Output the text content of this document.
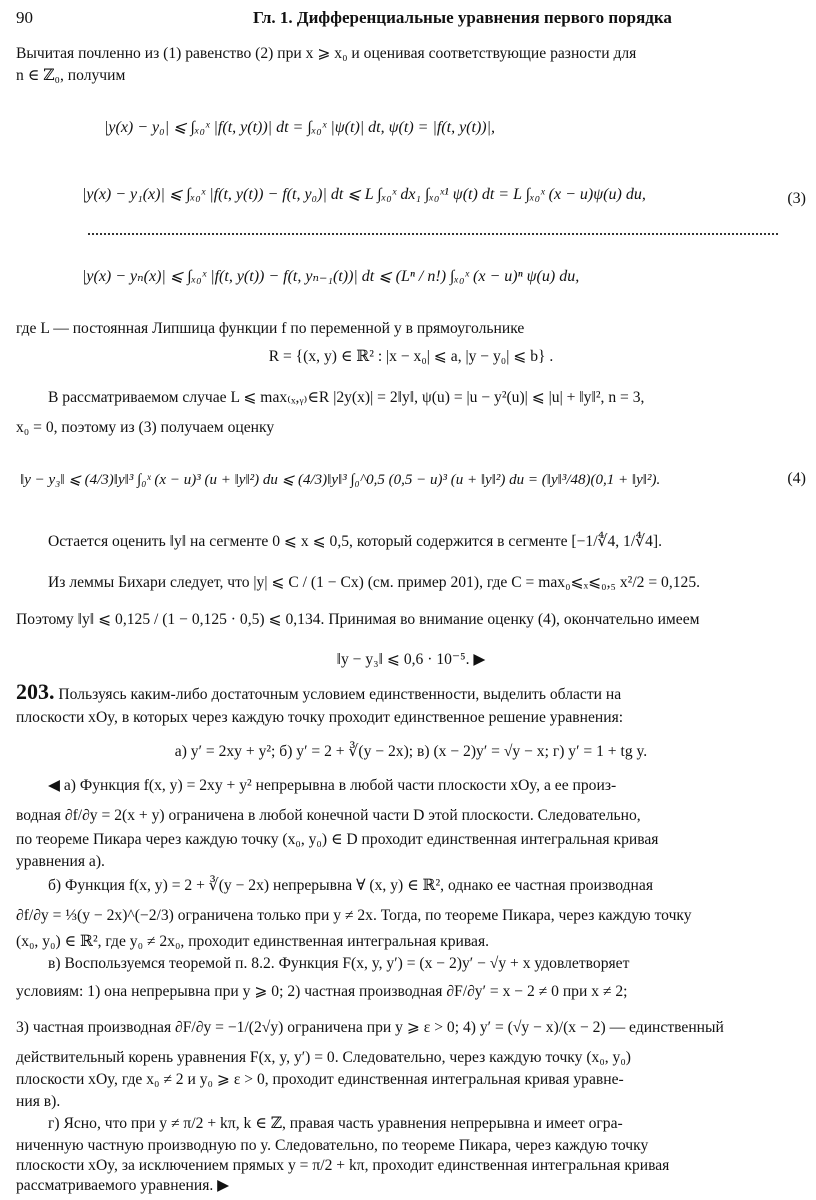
90	Гл. 1. Дифференциальные уравнения первого порядка
Вычитая почленно из (1) равенство (2) при x ⩾ x₀ и оценивая соответствующие разности для
n ∈ ℤ₀, получим
|y(x) − y₀| ⩽ ∫ₓ₀ˣ |f(t, y(t))| dt = ∫ₓ₀ˣ |ψ(t)| dt, ψ(t) = |f(t, y(t))|,
|y(x) − y₁(x)| ⩽ ∫ₓ₀ˣ |f(t, y(t)) − f(t, y₀)| dt ⩽ L ∫ₓ₀ˣ dx₁ ∫ₓ₀ˣ¹ ψ(t) dt = L ∫ₓ₀ˣ (x − u)ψ(u) du,	(3)
|y(x) − yₙ(x)| ⩽ ∫ₓ₀ˣ |f(t, y(t)) − f(t, yₙ₋₁(t))| dt ⩽ (Lⁿ / n!) ∫ₓ₀ˣ (x − u)ⁿ ψ(u) du,
где L — постоянная Липшица функции f по переменной y в прямоугольнике
R = {(x, y) ∈ ℝ² : |x − x₀| ⩽ a, |y − y₀| ⩽ b} .
В рассматриваемом случае L ⩽ max₍ₓ,ᵧ₎∈R |2y(x)| = 2‖y‖, ψ(u) = |u − y²(u)| ⩽ |u| + ‖y‖², n = 3,
x₀ = 0, поэтому из (3) получаем оценку
‖y − y₃‖ ⩽ (4/3)‖y‖³ ∫₀ˣ (x − u)³ (u + ‖y‖²) du ⩽ (4/3)‖y‖³ ∫₀^0,5 (0,5 − u)³ (u + ‖y‖²) du = (‖y‖³/48)(0,1 + ‖y‖²).	(4)
Остается оценить ‖y‖ на сегменте 0 ⩽ x ⩽ 0,5, который содержится в сегменте [−1/∜4, 1/∜4].
Из леммы Бихари следует, что |y| ⩽ C / (1 − Cx) (см. пример 201), где C = max₀⩽ₓ⩽₀,₅ x²/2 = 0,125.
Поэтому ‖y‖ ⩽ 0,125 / (1 − 0,125 · 0,5) ⩽ 0,134. Принимая во внимание оценку (4), окончательно имеем
‖y − y₃‖ ⩽ 0,6 · 10⁻⁵. ▶
203. Пользуясь каким-либо достаточным условием единственности, выделить области на
плоскости xOy, в которых через каждую точку проходит единственное решение уравнения:
а) y′ = 2xy + y²; б) y′ = 2 + ∛(y − 2x); в) (x − 2)y′ = √y − x; г) y′ = 1 + tg y.
◀ а) Функция f(x, y) = 2xy + y² непрерывна в любой части плоскости xOy, а ее произ-
водная ∂f/∂y = 2(x + y) ограничена в любой конечной части D этой плоскости. Следовательно,
по теореме Пикара через каждую точку (x₀, y₀) ∈ D проходит единственная интегральная кривая
уравнения а).
б) Функция f(x, y) = 2 + ∛(y − 2x) непрерывна ∀ (x, y) ∈ ℝ², однако ее частная производная
∂f/∂y = ⅓(y − 2x)^(−2/3) ограничена только при y ≠ 2x. Тогда, по теореме Пикара, через каждую точку
(x₀, y₀) ∈ ℝ², где y₀ ≠ 2x₀, проходит единственная интегральная кривая.
в) Воспользуемся теоремой п. 8.2. Функция F(x, y, y′) = (x − 2)y′ − √y + x удовлетворяет
условиям: 1) она непрерывна при y ⩾ 0; 2) частная производная ∂F/∂y′ = x − 2 ≠ 0 при x ≠ 2;
3) частная производная ∂F/∂y = −1/(2√y) ограничена при y ⩾ ε > 0; 4) y′ = (√y − x)/(x − 2) — единственный
действительный корень уравнения F(x, y, y′) = 0. Следовательно, через каждую точку (x₀, y₀)
плоскости xOy, где x₀ ≠ 2 и y₀ ⩾ ε > 0, проходит единственная интегральная кривая уравне-
ния в).
г) Ясно, что при y ≠ π/2 + kπ, k ∈ ℤ, правая часть уравнения непрерывна и имеет огра-
ниченную частную производную по y. Следовательно, по теореме Пикара, через каждую точку
плоскости xOy, за исключением прямых y = π/2 + kπ, проходит единственная интегральная кривая
рассматриваемого уравнения. ▶
